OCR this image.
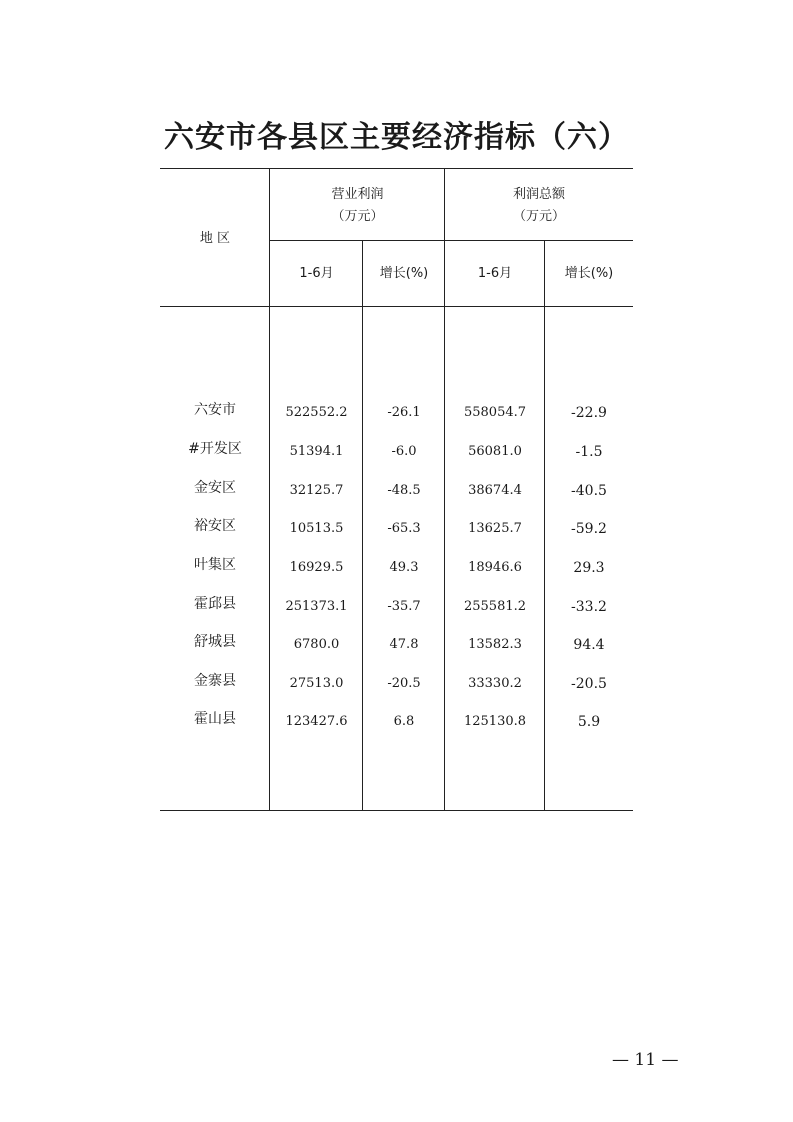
六安市各县区主要经济指标（六）
地 区
营业利润
（万元）
利润总额
（万元）
1-6月	增长(%)	1-6月	增长(%)
六安市	522552.2	-26.1	558054.7	-22.9
#开发区	51394.1	-6.0	56081.0	-1.5
金安区	32125.7	-48.5	38674.4	-40.5
裕安区	10513.5	-65.3	13625.7	-59.2
叶集区	16929.5	49.3	18946.6	29.3
霍邱县	251373.1	-35.7	255581.2	-33.2
舒城县	6780.0	47.8	13582.3	94.4
金寨县	27513.0	-20.5	33330.2	-20.5
霍山县	123427.6	6.8	125130.8	5.9
— 11 —
